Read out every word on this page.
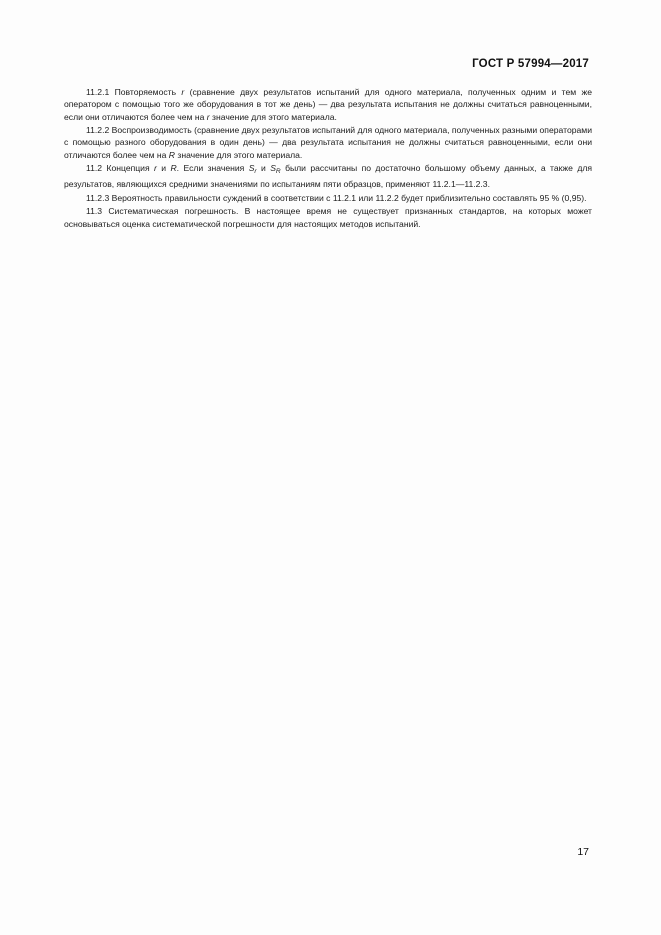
ГОСТ Р 57994—2017

11.2.1 Повторяемость r (сравнение двух результатов испытаний для одного материала, полученных одним и тем же оператором с помощью того же оборудования в тот же день) — два результата испытания не должны считаться равноценными, если они отличаются более чем на r значение для этого материала.

11.2.2 Воспроизводимость (сравнение двух результатов испытаний для одного материала, полученных разными операторами с помощью разного оборудования в один день) — два результата испытания не должны считаться равноценными, если они отличаются более чем на R значение для этого материала.

11.2 Концепция r и R. Если значения $S_r$ и $S_R$ были рассчитаны по достаточно большому объему данных, а также для результатов, являющихся средними значениями по испытаниям пяти образцов, применяют 11.2.1—11.2.3.

11.2.3 Вероятность правильности суждений в соответствии с 11.2.1 или 11.2.2 будет приблизительно составлять 95 % (0,95).

11.3 Систематическая погрешность. В настоящее время не существует признанных стандартов, на которых может основываться оценка систематической погрешности для настоящих методов испытаний.

17
